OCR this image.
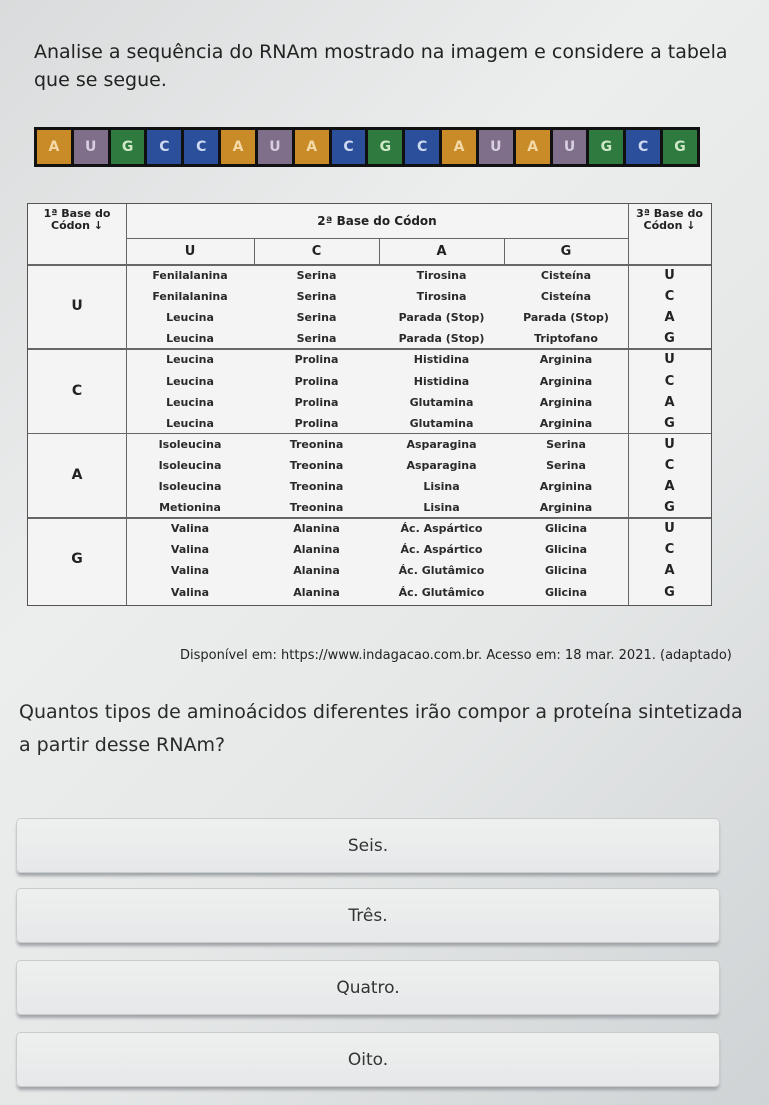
Analise a sequência do RNAm mostrado na imagem e considere a tabela que se segue.
A	U	G	C	C	A	U	A	C	G	C	A	U	A	U	G	C	G
1ª Base do Códon ↓	2ª Base do Códon
3ª Base do Códon ↓
U	C	A	G
U
Fenilalanina	Serina	Tirosina	Cisteína	U
Fenilalanina	Serina	Tirosina	Cisteína	C
Leucina	Serina	Parada (Stop)	Parada (Stop)	A
Leucina	Serina	Parada (Stop)	Triptofano	G
C
Leucina	Prolina	Histidina	Arginina	U
Leucina	Prolina	Histidina	Arginina	C
Leucina	Prolina	Glutamina	Arginina	A
Leucina	Prolina	Glutamina	Arginina	G
A
Isoleucina	Treonina	Asparagina	Serina	U
Isoleucina	Treonina	Asparagina	Serina	C
Isoleucina	Treonina	Lisina	Arginina	A
Metionina	Treonina	Lisina	Arginina	G
G
Valina	Alanina	Ác. Aspártico	Glicina	U
Valina	Alanina	Ác. Aspártico	Glicina	C
Valina	Alanina	Ác. Glutâmico	Glicina	A
Valina	Alanina	Ác. Glutâmico	Glicina	G
Disponível em: https://www.indagacao.com.br. Acesso em: 18 mar. 2021. (adaptado)
Quantos tipos de aminoácidos diferentes irão compor a proteína sintetizada a partir desse RNAm?
Seis.
Três.
Quatro.
Oito.
